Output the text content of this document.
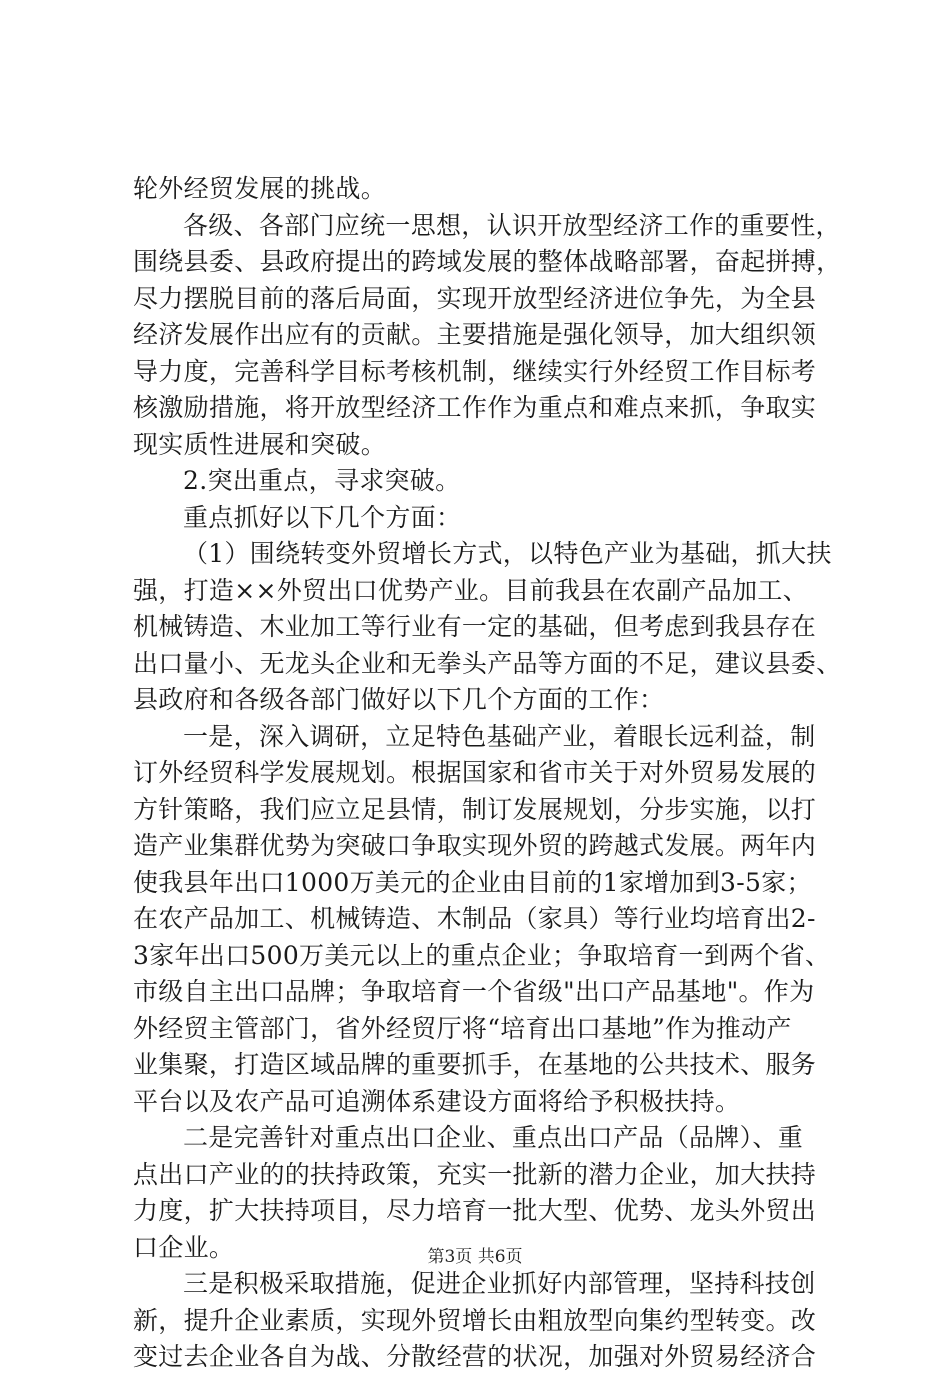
轮外经贸发展的挑战。
各级、各部门应统一思想，认识开放型经济工作的重要性，
围绕县委、县政府提出的跨域发展的整体战略部署，奋起拼搏，
尽力摆脱目前的落后局面，实现开放型经济进位争先，为全县
经济发展作出应有的贡献。主要措施是强化领导，加大组织领
导力度，完善科学目标考核机制，继续实行外经贸工作目标考
核激励措施，将开放型经济工作作为重点和难点来抓，争取实
现实质性进展和突破。
2.突出重点，寻求突破。
重点抓好以下几个方面：
（1）围绕转变外贸增长方式，以特色产业为基础，抓大扶
强，打造××外贸出口优势产业。目前我县在农副产品加工、
机械铸造、木业加工等行业有一定的基础，但考虑到我县存在
出口量小、无龙头企业和无拳头产品等方面的不足，建议县委、
县政府和各级各部门做好以下几个方面的工作：
一是，深入调研，立足特色基础产业，着眼长远利益，制
订外经贸科学发展规划。根据国家和省市关于对外贸易发展的
方针策略，我们应立足县情，制订发展规划，分步实施，以打
造产业集群优势为突破口争取实现外贸的跨越式发展。两年内
使我县年出口1000万美元的企业由目前的1家增加到3-5家；
在农产品加工、机械铸造、木制品（家具）等行业均培育出2-
3家年出口500万美元以上的重点企业；争取培育一到两个省、
市级自主出口品牌；争取培育一个省级"出口产品基地"。作为
外经贸主管部门，省外经贸厅将“培育出口基地”作为推动产
业集聚，打造区域品牌的重要抓手，在基地的公共技术、服务
平台以及农产品可追溯体系建设方面将给予积极扶持。
二是完善针对重点出口企业、重点出口产品（品牌）、重
点出口产业的的扶持政策，充实一批新的潜力企业，加大扶持
力度，扩大扶持项目，尽力培育一批大型、优势、龙头外贸出
口企业。
三是积极采取措施，促进企业抓好内部管理，坚持科技创
新，提升企业素质，实现外贸增长由粗放型向集约型转变。改
变过去企业各自为战、分散经营的状况，加强对外贸易经济合
第3页 共6页
